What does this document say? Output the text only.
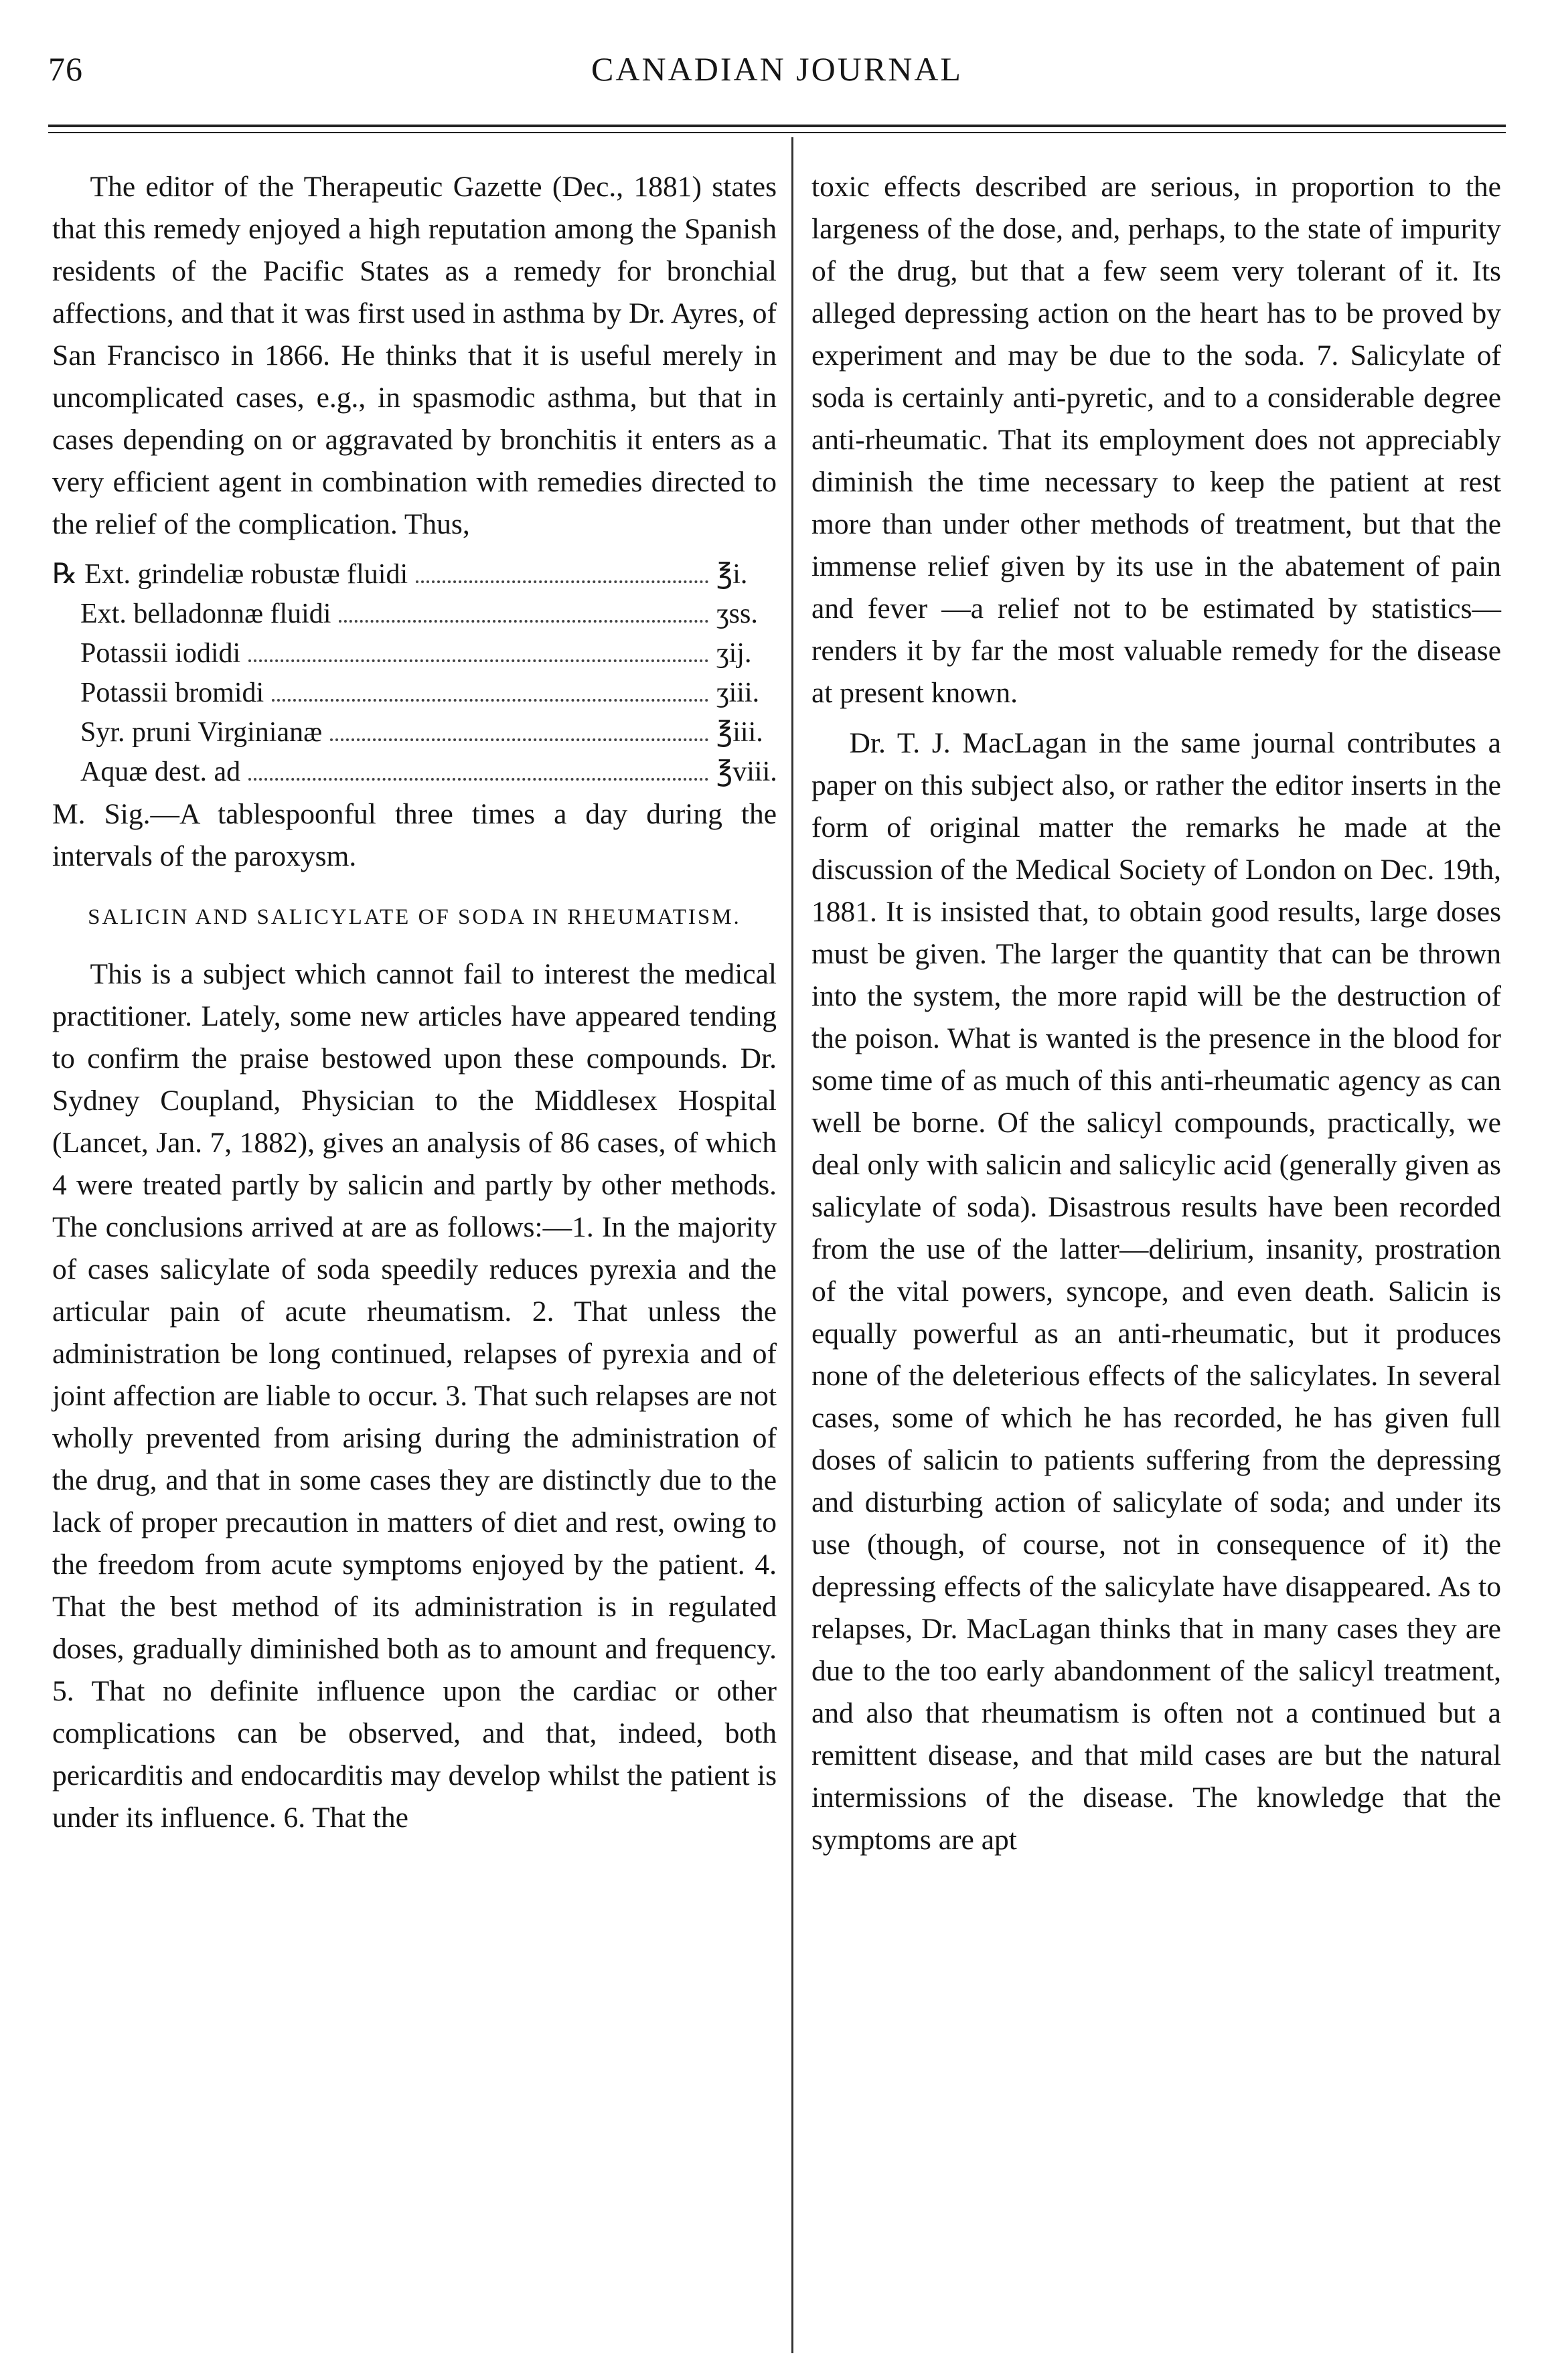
76	CANADIAN JOURNAL

The editor of the Therapeutic Gazette (Dec., 1881) states that this remedy enjoyed a high reputation among the Spanish residents of the Pacific States as a remedy for bronchial affections, and that it was first used in asthma by Dr. Ayres, of San Francisco in 1866. He thinks that it is useful merely in uncomplicated cases, e.g., in spasmodic asthma, but that in cases depending on or aggravated by bronchitis it enters as a very efficient agent in combination with remedies directed to the relief of the complication. Thus,

℞ Ext. grindeliæ robustæ fluidi	℥i.
Ext. belladonnæ fluidi	ʒss.
Potassii iodidi	ʒij.
Potassii bromidi	ʒiii.
Syr. pruni Virginianæ	℥iii.
Aquæ dest. ad	℥viii.

M. Sig.—A tablespoonful three times a day during the intervals of the paroxysm.

SALICIN AND SALICYLATE OF SODA IN RHEUMATISM.

This is a subject which cannot fail to interest the medical practitioner. Lately, some new articles have appeared tending to confirm the praise bestowed upon these compounds. Dr. Sydney Coupland, Physician to the Middlesex Hospital (Lancet, Jan. 7, 1882), gives an analysis of 86 cases, of which 4 were treated partly by salicin and partly by other methods. The conclusions arrived at are as follows:—1. In the majority of cases salicylate of soda speedily reduces pyrexia and the articular pain of acute rheumatism. 2. That unless the administration be long continued, relapses of pyrexia and of joint affection are liable to occur. 3. That such relapses are not wholly prevented from arising during the administration of the drug, and that in some cases they are distinctly due to the lack of proper precaution in matters of diet and rest, owing to the freedom from acute symptoms enjoyed by the patient. 4. That the best method of its administration is in regulated doses, gradually diminished both as to amount and frequency. 5. That no definite influence upon the cardiac or other complications can be observed, and that, indeed, both pericarditis and endocarditis may develop whilst the patient is under its influence. 6. That the

toxic effects described are serious, in proportion to the largeness of the dose, and, perhaps, to the state of impurity of the drug, but that a few seem very tolerant of it. Its alleged depressing action on the heart has to be proved by experiment and may be due to the soda. 7. Salicylate of soda is certainly anti-pyretic, and to a considerable degree anti-rheumatic. That its employment does not appreciably diminish the time necessary to keep the patient at rest more than under other methods of treatment, but that the immense relief given by its use in the abatement of pain and fever —a relief not to be estimated by statistics— renders it by far the most valuable remedy for the disease at present known.

Dr. T. J. MacLagan in the same journal contributes a paper on this subject also, or rather the editor inserts in the form of original matter the remarks he made at the discussion of the Medical Society of London on Dec. 19th, 1881. It is insisted that, to obtain good results, large doses must be given. The larger the quantity that can be thrown into the system, the more rapid will be the destruction of the poison. What is wanted is the presence in the blood for some time of as much of this anti-rheumatic agency as can well be borne. Of the salicyl compounds, practically, we deal only with salicin and salicylic acid (generally given as salicylate of soda). Disastrous results have been recorded from the use of the latter—delirium, insanity, prostration of the vital powers, syncope, and even death. Salicin is equally powerful as an anti-rheumatic, but it produces none of the deleterious effects of the salicylates. In several cases, some of which he has recorded, he has given full doses of salicin to patients suffering from the depressing and disturbing action of salicylate of soda; and under its use (though, of course, not in consequence of it) the depressing effects of the salicylate have disappeared. As to relapses, Dr. MacLagan thinks that in many cases they are due to the too early abandonment of the salicyl treatment, and also that rheumatism is often not a continued but a remittent disease, and that mild cases are but the natural intermissions of the disease. The knowledge that the symptoms are apt
